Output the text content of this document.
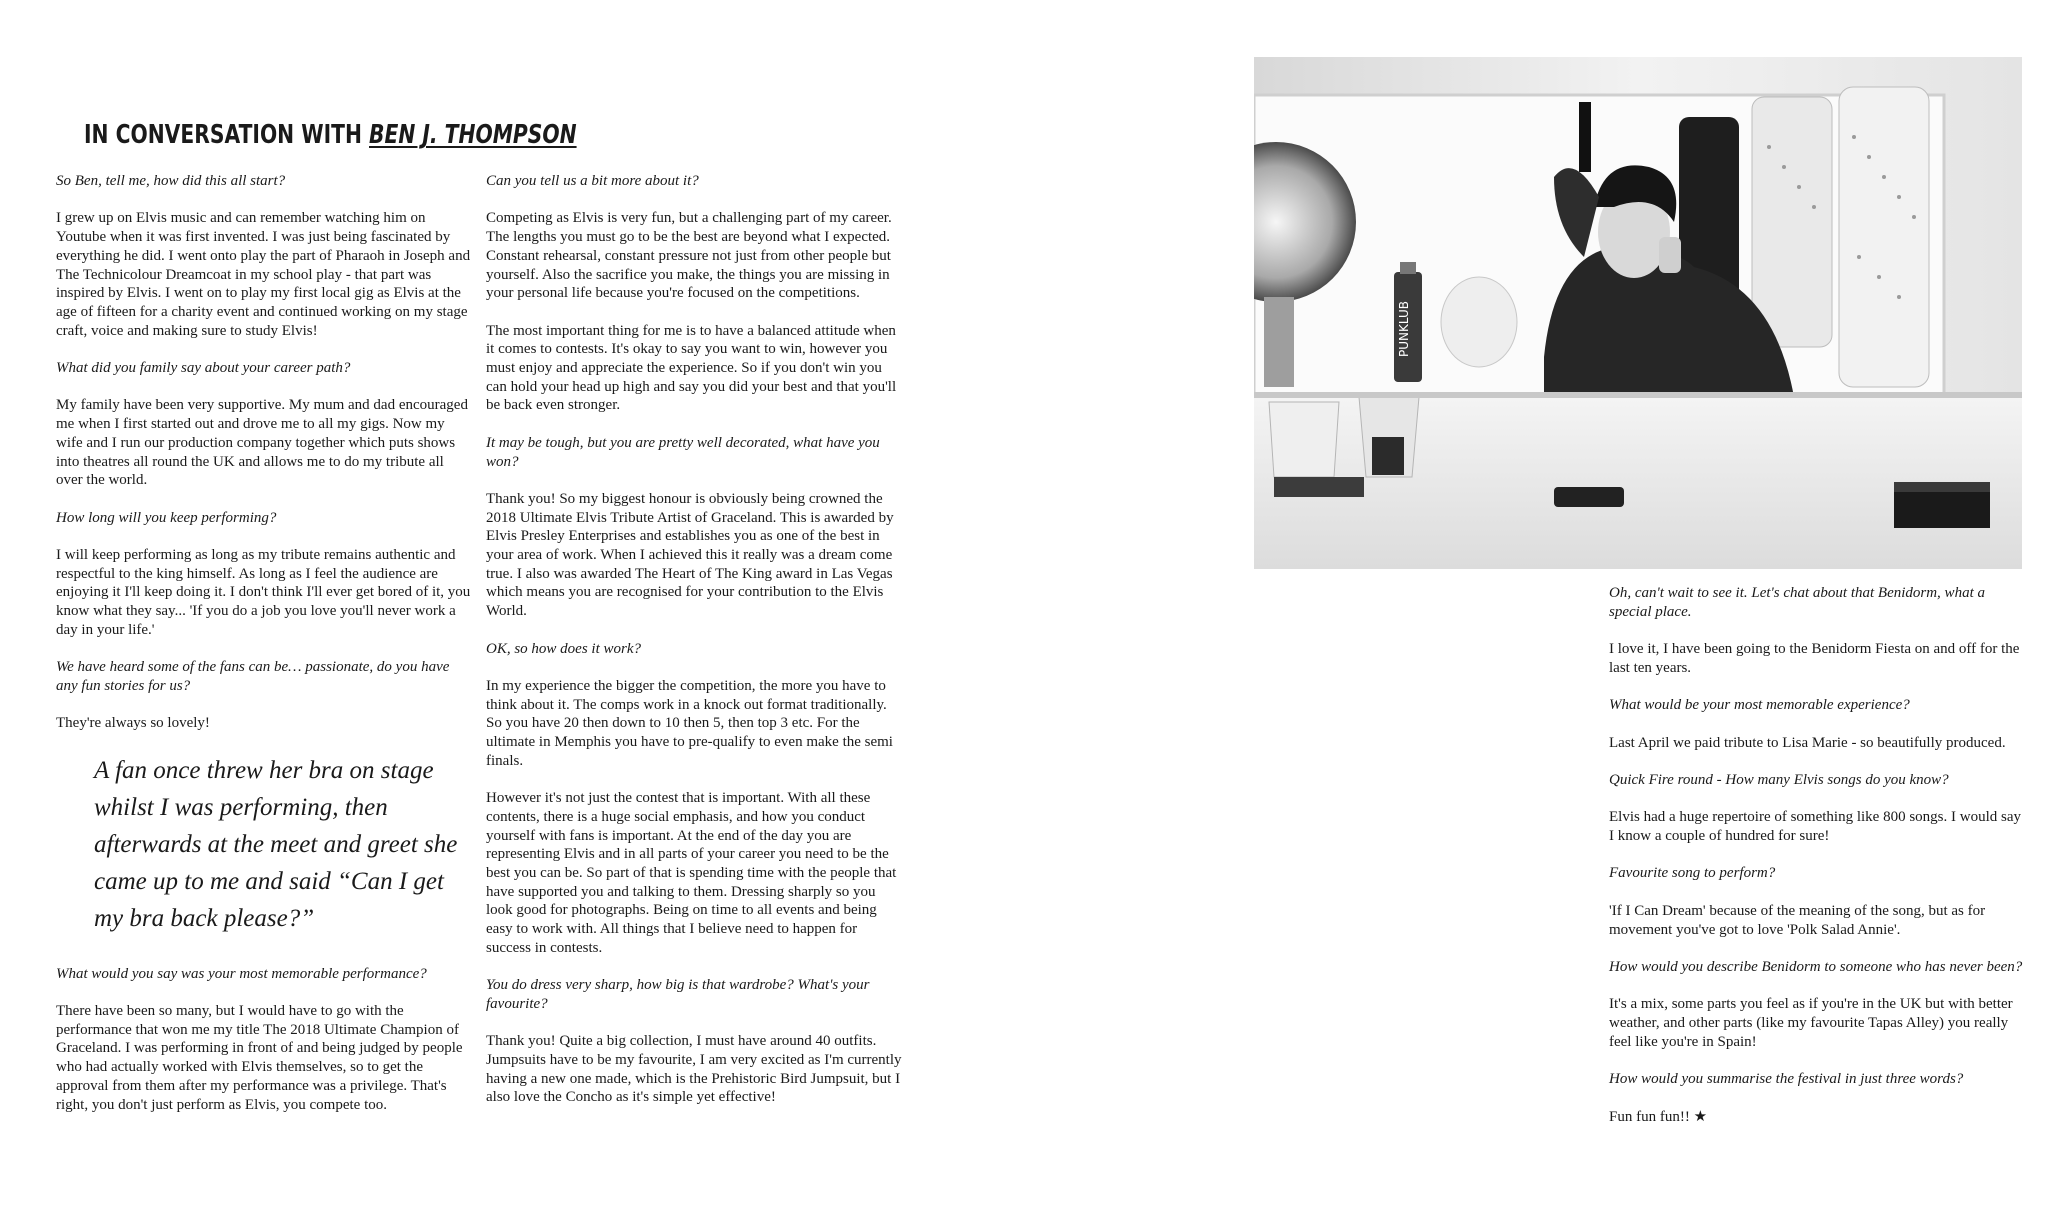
IN CONVERSATION WITH BEN J. THOMPSON

So Ben, tell me, how did this all start?

I grew up on Elvis music and can remember watching him on Youtube when it was first invented. I was just being fascinated by everything he did. I went onto play the part of Pharaoh in Joseph and The Technicolour Dreamcoat in my school play - that part was inspired by Elvis. I went on to play my first local gig as Elvis at the age of fifteen for a charity event and continued working on my stage craft, voice and making sure to study Elvis!

What did you family say about your career path?

My family have been very supportive. My mum and dad encouraged me when I first started out and drove me to all my gigs. Now my wife and I run our production company together which puts shows into theatres all round the UK and allows me to do my tribute all over the world.

How long will you keep performing?

I will keep performing as long as my tribute remains authentic and respectful to the king himself. As long as I feel the audience are enjoying it I'll keep doing it. I don't think I'll ever get bored of it, you know what they say... 'If you do a job you love you'll never work a day in your life.'

We have heard some of the fans can be… passionate, do you have any fun stories for us?

They're always so lovely!

A fan once threw her bra on stage whilst I was performing, then afterwards at the meet and greet she came up to me and said “Can I get my bra back please?”

What would you say was your most memorable performance?

There have been so many, but I would have to go with the performance that won me my title The 2018 Ultimate Champion of Graceland. I was performing in front of and being judged by people who had actually worked with Elvis themselves, so to get the approval from them after my performance was a privilege. That's right, you don't just perform as Elvis, you compete too.

Can you tell us a bit more about it?

Competing as Elvis is very fun, but a challenging part of my career. The lengths you must go to be the best are beyond what I expected. Constant rehearsal, constant pressure not just from other people but yourself. Also the sacrifice you make, the things you are missing in your personal life because you're focused on the competitions.

The most important thing for me is to have a balanced attitude when it comes to contests. It's okay to say you want to win, however you must enjoy and appreciate the experience. So if you don't win you can hold your head up high and say you did your best and that you'll be back even stronger.

It may be tough, but you are pretty well decorated, what have you won?

Thank you! So my biggest honour is obviously being crowned the 2018 Ultimate Elvis Tribute Artist of Graceland. This is awarded by Elvis Presley Enterprises and establishes you as one of the best in your area of work. When I achieved this it really was a dream come true. I also was awarded The Heart of The King award in Las Vegas which means you are recognised for your contribution to the Elvis World.

OK, so how does it work?

In my experience the bigger the competition, the more you have to think about it. The comps work in a knock out format traditionally. So you have 20 then down to 10 then 5, then top 3 etc. For the ultimate in Memphis you have to pre-qualify to even make the semi finals.

However it's not just the contest that is important. With all these contents, there is a huge social emphasis, and how you conduct yourself with fans is important. At the end of the day you are representing Elvis and in all parts of your career you need to be the best you can be. So part of that is spending time with the people that have supported you and talking to them. Dressing sharply so you look good for photographs. Being on time to all events and being easy to work with. All things that I believe need to happen for success in contests.

You do dress very sharp, how big is that wardrobe? What's your favourite?

Thank you! Quite a big collection, I must have around 40 outfits. Jumpsuits have to be my favourite, I am very excited as I'm currently having a new one made, which is the Prehistoric Bird Jumpsuit, but I also love the Concho as it's simple yet effective!

Oh, can't wait to see it. Let's chat about that Benidorm, what a special place.

I love it, I have been going to the Benidorm Fiesta on and off for the last ten years.

What would be your most memorable experience?

Last April we paid tribute to Lisa Marie - so beautifully produced.

Quick Fire round - How many Elvis songs do you know?

Elvis had a huge repertoire of something like 800 songs. I would say I know a couple of hundred for sure!

Favourite song to perform?

'If I Can Dream' because of the meaning of the song, but as for movement you've got to love 'Polk Salad Annie'.

How would you describe Benidorm to someone who has never been?

It's a mix, some parts you feel as if you're in the UK but with better weather, and other parts (like my favourite Tapas Alley) you really feel like you're in Spain!

How would you summarise the festival in just three words?

Fun fun fun!! ★

PUNKLUB
